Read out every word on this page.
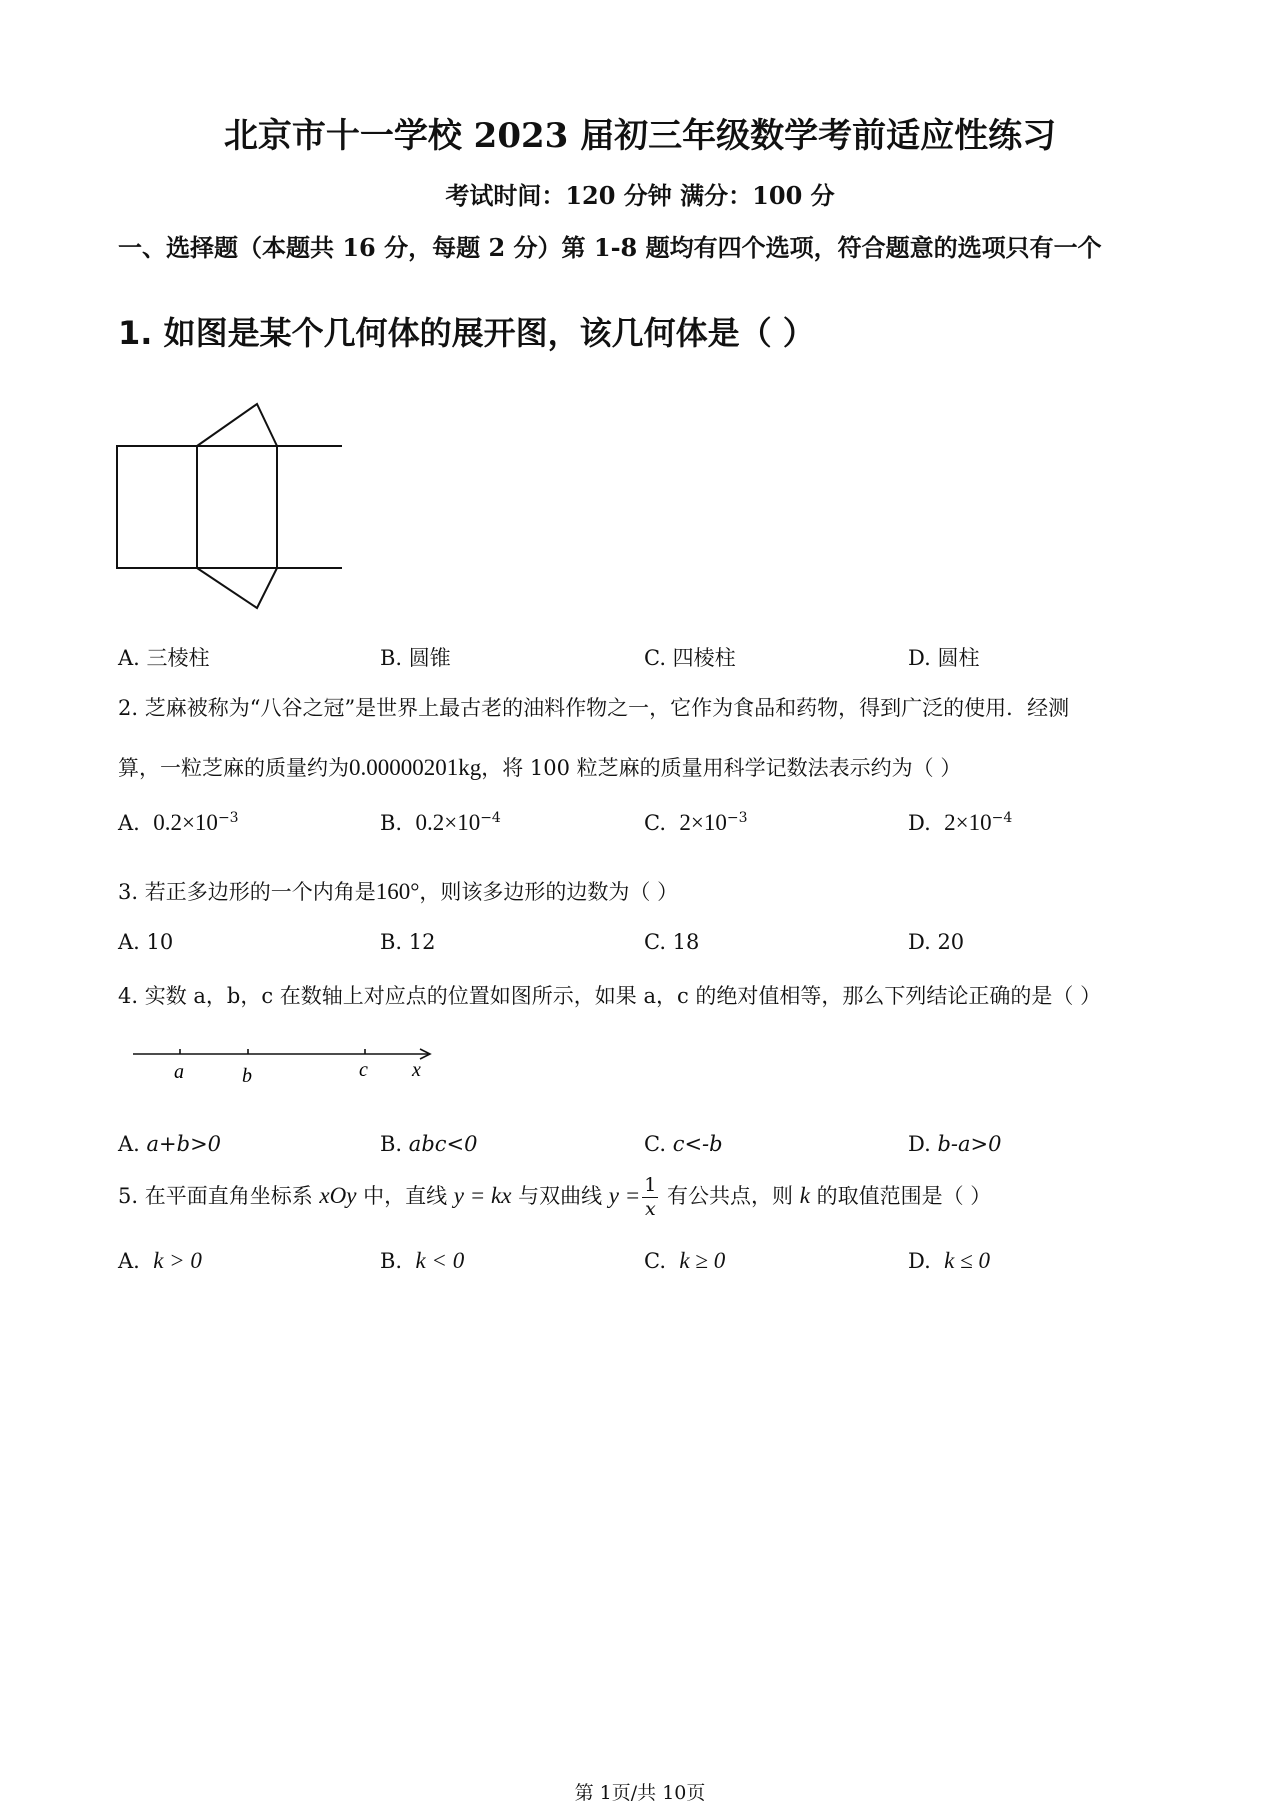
北京市十一学校 2023 届初三年级数学考前适应性练习
考试时间：120 分钟 满分：100 分
一、选择题（本题共 16 分，每题 2 分）第 1-8 题均有四个选项，符合题意的选项只有一个
1. 如图是某个几何体的展开图，该几何体是（ ）
A. 三棱柱	B. 圆锥	C. 四棱柱	D. 圆柱
2. 芝麻被称为“八谷之冠”是世界上最古老的油料作物之一，它作为食品和药物，得到广泛的使用．经测
算，一粒芝麻的质量约为0.00000201kg，将 100 粒芝麻的质量用科学记数法表示约为（ ）
A. $0.2\times 10^{-3}$	B. $0.2\times 10^{-4}$	C. $2\times 10^{-3}$	D. $2\times 10^{-4}$
3. 若正多边形的一个内角是160°，则该多边形的边数为（ ）
A. 10	B. 12	C. 18	D. 20
4. 实数 a，b，c 在数轴上对应点的位置如图所示，如果 a，c 的绝对值相等，那么下列结论正确的是（ ）
a	b	c x
A. a+b>0	B. abc<0	C. c<-b	D. b-a>0
5. 在平面直角坐标系 xOy 中，直线 y = kx 与双曲线 $y = \frac{1}{x}$ 有公共点，则 k 的取值范围是（ ）
A. k > 0	B. k < 0	C. k ≥ 0	D. k ≤ 0
第 1页/共 10页
